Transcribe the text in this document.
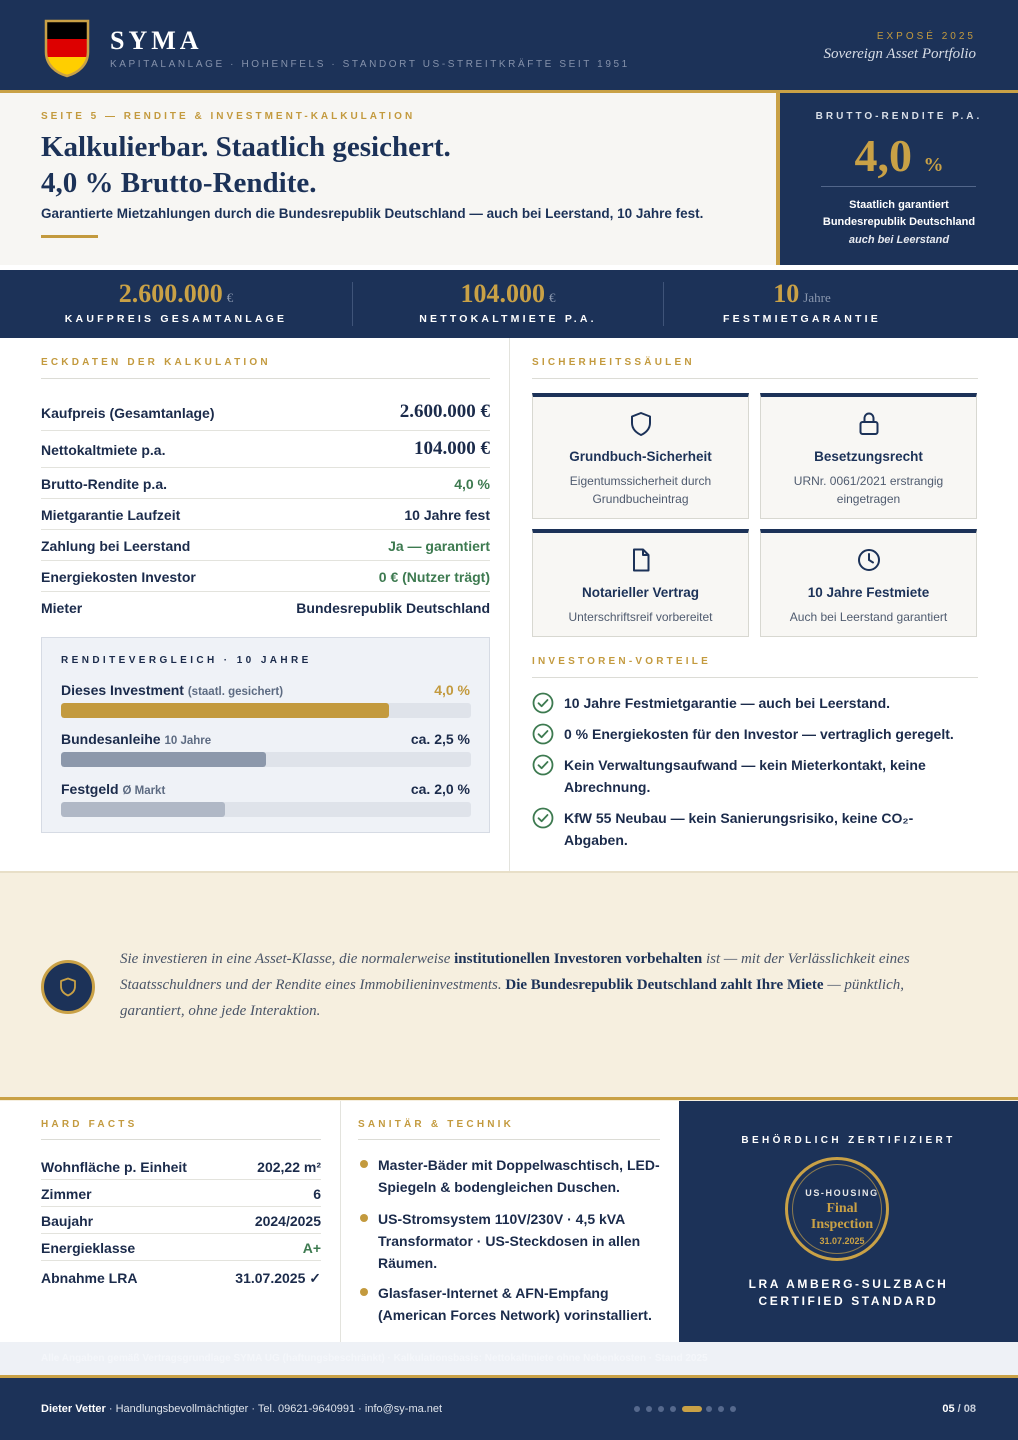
SYMA
KAPITALANLAGE · HOHENFELS · STANDORT US-STREITKRÄFTE SEIT 1951
EXPOSÉ 2025
Sovereign Asset Portfolio
SEITE 5 — RENDITE & INVESTMENT-KALKULATION
Kalkulierbar. Staatlich gesichert.
4,0 % Brutto-Rendite.
Garantierte Mietzahlungen durch die Bundesrepublik Deutschland — auch bei Leerstand, 10 Jahre fest.
BRUTTO-RENDITE P.A.
4,0 %
Staatlich garantiert
Bundesrepublik Deutschland
auch bei Leerstand
2.600.000 €
KAUFPREIS GESAMTANLAGE
104.000 €
NETTOKALTMIETE P.A.
10 Jahre
FESTMIETGARANTIE
ECKDATEN DER KALKULATION
Kaufpreis (Gesamtanlage)	2.600.000 €
Nettokaltmiete p.a.	104.000 €
Brutto-Rendite p.a.	4,0 %
Mietgarantie Laufzeit	10 Jahre fest
Zahlung bei Leerstand	Ja — garantiert
Energiekosten Investor	0 € (Nutzer trägt)
Mieter	Bundesrepublik Deutschland
RENDITEVERGLEICH · 10 JAHRE
Dieses Investment (staatl. gesichert)	4,0 %
Bundesanleihe 10 Jahre	ca. 2,5 %
Festgeld Ø Markt	ca. 2,0 %
SICHERHEITSSÄULEN
Grundbuch-Sicherheit
Eigentumssicherheit durch Grundbucheintrag
Besetzungsrecht
URNr. 0061/2021 erstrangig eingetragen
Notarieller Vertrag
Unterschriftsreif vorbereitet
10 Jahre Festmiete
Auch bei Leerstand garantiert
INVESTOREN-VORTEILE
10 Jahre Festmietgarantie — auch bei Leerstand.
0 % Energiekosten für den Investor — vertraglich geregelt.
Kein Verwaltungsaufwand — kein Mieterkontakt, keine Abrechnung.
KfW 55 Neubau — kein Sanierungsrisiko, keine CO₂-Abgaben.
Sie investieren in eine Asset-Klasse, die normalerweise institutionellen Investoren vorbehalten ist — mit der Verlässlichkeit eines Staatsschuldners und der Rendite eines Immobilieninvestments. Die Bundesrepublik Deutschland zahlt Ihre Miete — pünktlich, garantiert, ohne jede Interaktion.
HARD FACTS
Wohnfläche p. Einheit	202,22 m²
Zimmer	6
Baujahr	2024/2025
Energieklasse	A+
Abnahme LRA	31.07.2025 ✓
SANITÄR & TECHNIK
Master-Bäder mit Doppelwaschtisch, LED-Spiegeln & bodengleichen Duschen.
US-Stromsystem 110V/230V · 4,5 kVA Transformator · US-Steckdosen in allen Räumen.
Glasfaser-Internet & AFN-Empfang (American Forces Network) vorinstalliert.
BEHÖRDLICH ZERTIFIZIERT
US-HOUSING
Final
Inspection
31.07.2025
LRA AMBERG-SULZBACH
CERTIFIED STANDARD
Alle Angaben gemäß Vertragsgrundlage SYMA UG (haftungsbeschränkt) · Kalkulationsbasis: Nettokaltmiete ohne Nebenkosten · Stand 2025
Dieter Vetter · Handlungsbevollmächtigter · Tel. 09621-9640991 · info@sy-ma.net	05 / 08
